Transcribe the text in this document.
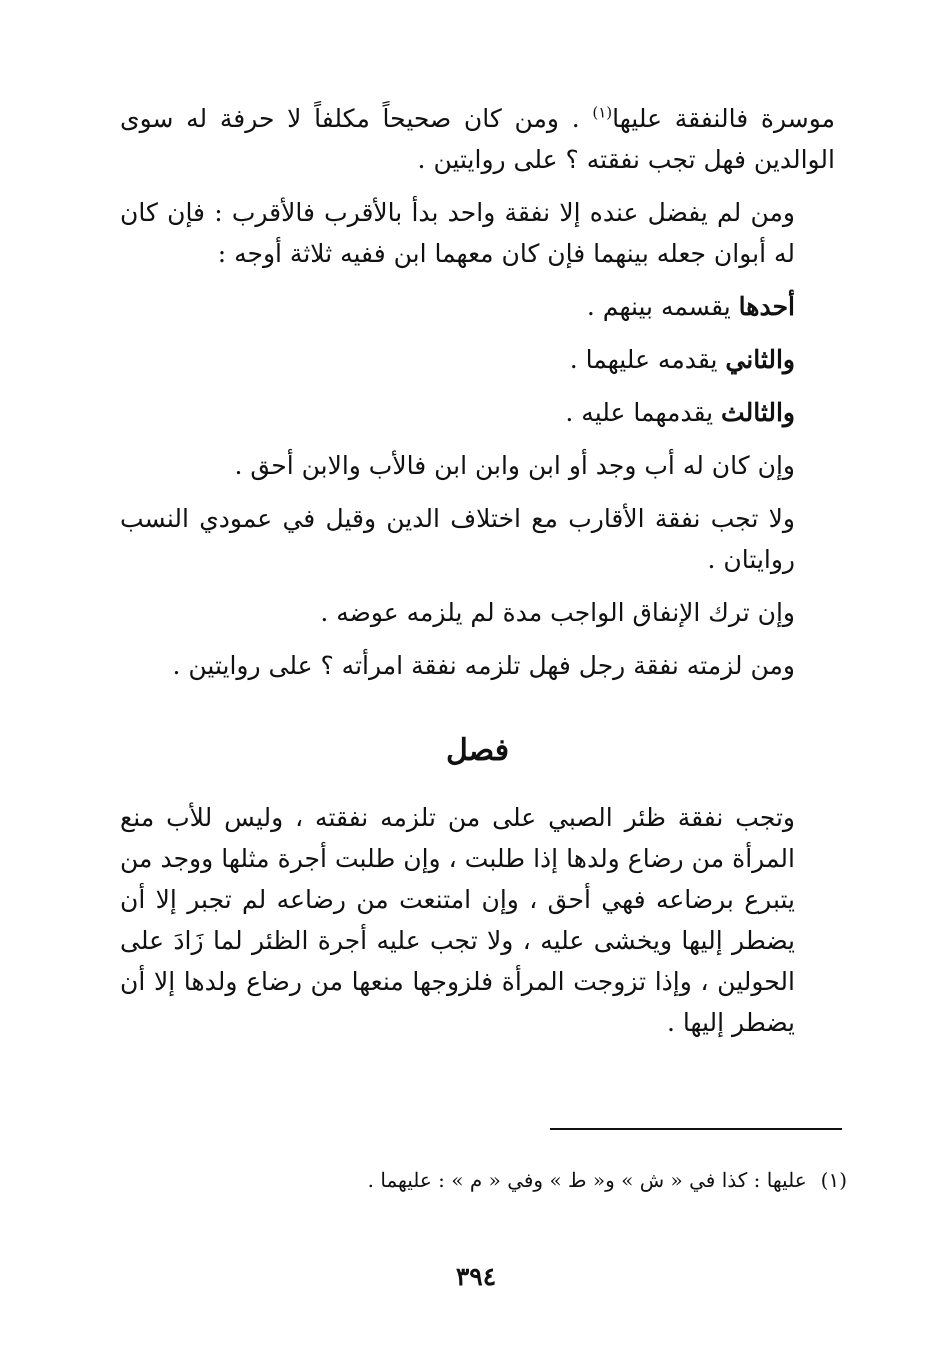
موسرة فالنفقة عليها$^{(١)}$ . ومن كان صحيحاً مكلفاً لا حرفة له سوى الوالدين فهل تجب نفقته ؟ على روايتين .

ومن لم يفضل عنده إلا نفقة واحد بدأ بالأقرب فالأقرب : فإن كان له أبوان جعله بينهما فإن كان معهما ابن ففيه ثلاثة أوجه :

أحدها يقسمه بينهم .

والثاني يقدمه عليهما .

والثالث يقدمهما عليه .

وإن كان له أب وجد أو ابن وابن ابن فالأب والابن أحق .

ولا تجب نفقة الأقارب مع اختلاف الدين وقيل في عمودي النسب روايتان .

وإن ترك الإنفاق الواجب مدة لم يلزمه عوضه .

ومن لزمته نفقة رجل فهل تلزمه نفقة امرأته ؟ على روايتين .

فصل

وتجب نفقة ظئر الصبي على من تلزمه نفقته ، وليس للأب منع المرأة من رضاع ولدها إذا طلبت ، وإن طلبت أجرة مثلها ووجد من يتبرع برضاعه فهي أحق ، وإن امتنعت من رضاعه لم تجبر إلا أن يضطر إليها ويخشى عليه ، ولا تجب عليه أجرة الظئر لما زَادَ على الحولين ، وإذا تزوجت المرأة فلزوجها منعها من رضاع ولدها إلا أن يضطر إليها .

(١)عليها : كذا في « ش » و« ط » وفي « م » : عليهما .
٣٩٤
